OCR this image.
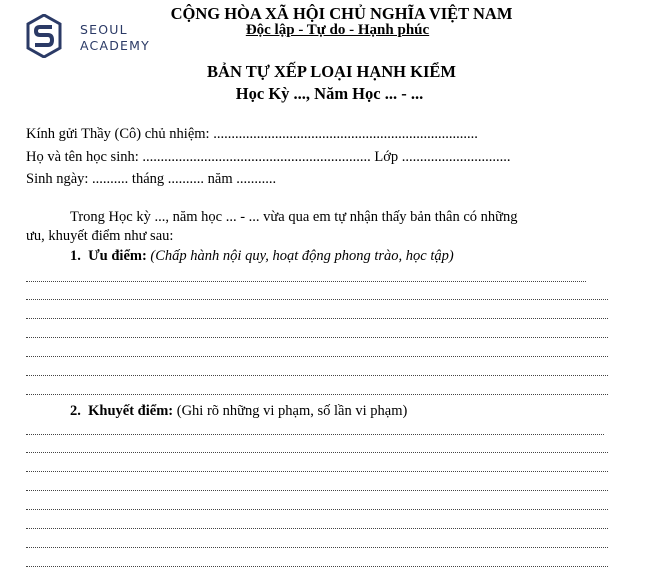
SEOUL
ACADEMY
CỘNG HÒA XÃ HỘI CHỦ NGHĨA VIỆT NAM
Độc lập - Tự do - Hạnh phúc
BẢN TỰ XẾP LOẠI HẠNH KIỂM
Học Kỳ ..., Năm Học ... - ...
Kính gửi Thầy (Cô) chủ nhiệm: .........................................................................
Họ và tên học sinh: ............................................................... Lớp ..............................
Sinh ngày: .......... tháng .......... năm ...........
Trong Học kỳ ..., năm học ... - ... vừa qua em tự nhận thấy bản thân có những
ưu, khuyết điểm như sau:
1. Ưu điểm: (Chấp hành nội quy, hoạt động phong trào, học tập)
2. Khuyết điểm: (Ghi rõ những vi phạm, số lần vi phạm)
